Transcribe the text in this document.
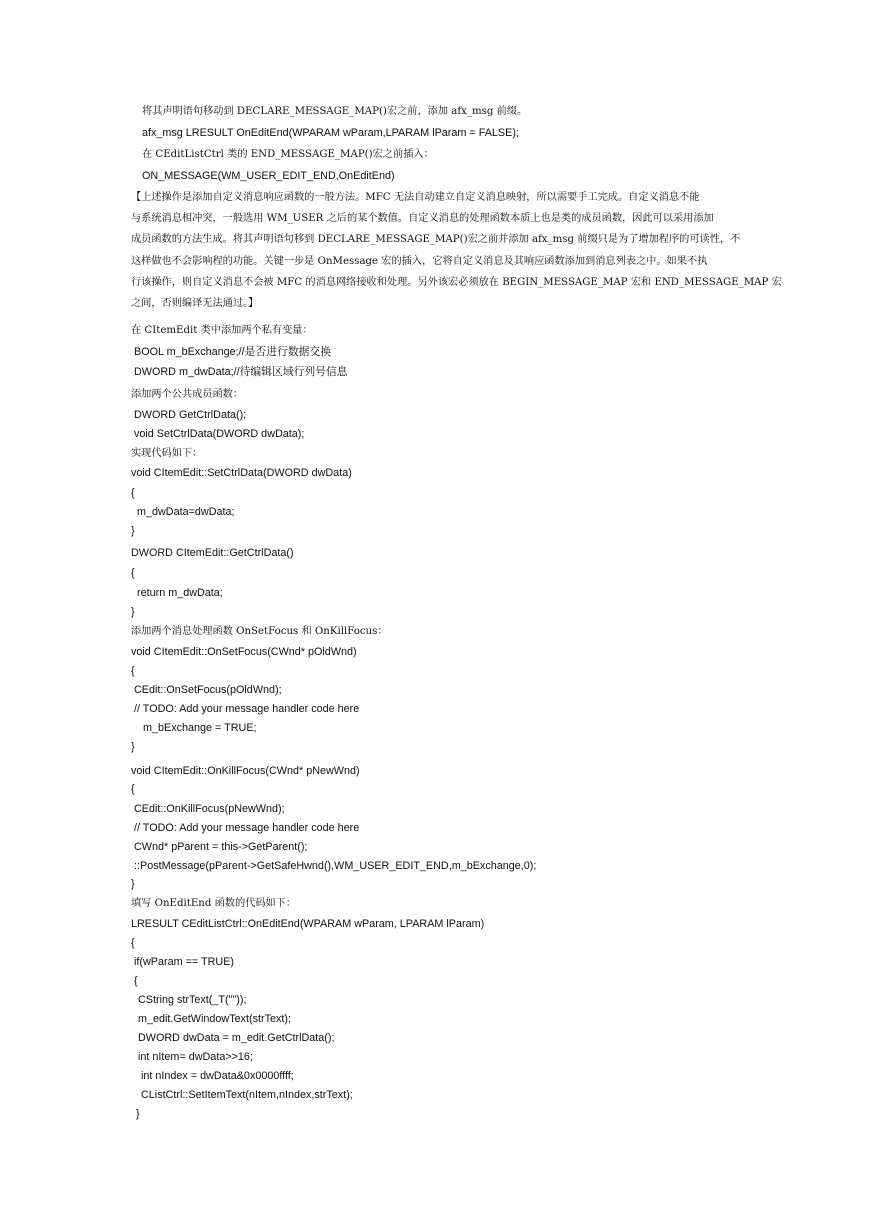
将其声明语句移动到 DECLARE_MESSAGE_MAP()宏之前，添加 afx_msg 前缀。
afx_msg LRESULT OnEditEnd(WPARAM wParam,LPARAM lParam = FALSE);
在 CEditListCtrl 类的 END_MESSAGE_MAP()宏之前插入：
ON_MESSAGE(WM_USER_EDIT_END,OnEditEnd)
【上述操作是添加自定义消息响应函数的一般方法。MFC 无法自动建立自定义消息映射，所以需要手工完成。自定义消息不能
与系统消息相冲突，一般选用 WM_USER 之后的某个数值。自定义消息的处理函数本质上也是类的成员函数，因此可以采用添加
成员函数的方法生成。将其声明语句移到 DECLARE_MESSAGE_MAP()宏之前并添加 afx_msg 前缀只是为了增加程序的可读性，不
这样做也不会影响程的功能。关键一步是 OnMessage 宏的插入，它将自定义消息及其响应函数添加到消息列表之中。如果不执
行该操作，则自定义消息不会被 MFC 的消息网络接收和处理。另外该宏必须放在 BEGIN_MESSAGE_MAP 宏和 END_MESSAGE_MAP 宏
之间，否则编译无法通过。】
在 CItemEdit 类中添加两个私有变量：
BOOL m_bExchange;//是否进行数据交换
DWORD m_dwData;//待编辑区域行列号信息
添加两个公共成员函数：
DWORD GetCtrlData();
void SetCtrlData(DWORD dwData);
实现代码如下：
void CItemEdit::SetCtrlData(DWORD dwData)
{
m_dwData=dwData;
}
DWORD CItemEdit::GetCtrlData()
{
return m_dwData;
}
添加两个消息处理函数 OnSetFocus 和 OnKillFocus：
void CItemEdit::OnSetFocus(CWnd* pOldWnd)
{
CEdit::OnSetFocus(pOldWnd);
// TODO: Add your message handler code here
m_bExchange = TRUE;
}
void CItemEdit::OnKillFocus(CWnd* pNewWnd)
{
CEdit::OnKillFocus(pNewWnd);
// TODO: Add your message handler code here
CWnd* pParent = this->GetParent();
::PostMessage(pParent->GetSafeHwnd(),WM_USER_EDIT_END,m_bExchange,0);
}
填写 OnEditEnd 函数的代码如下：
LRESULT CEditListCtrl::OnEditEnd(WPARAM wParam, LPARAM lParam)
{
if(wParam == TRUE)
{
CString strText(_T(""));
m_edit.GetWindowText(strText);
DWORD dwData = m_edit.GetCtrlData();
int nItem= dwData>>16;
int nIndex = dwData&0x0000ffff;
CListCtrl::SetItemText(nItem,nIndex,strText);
}
